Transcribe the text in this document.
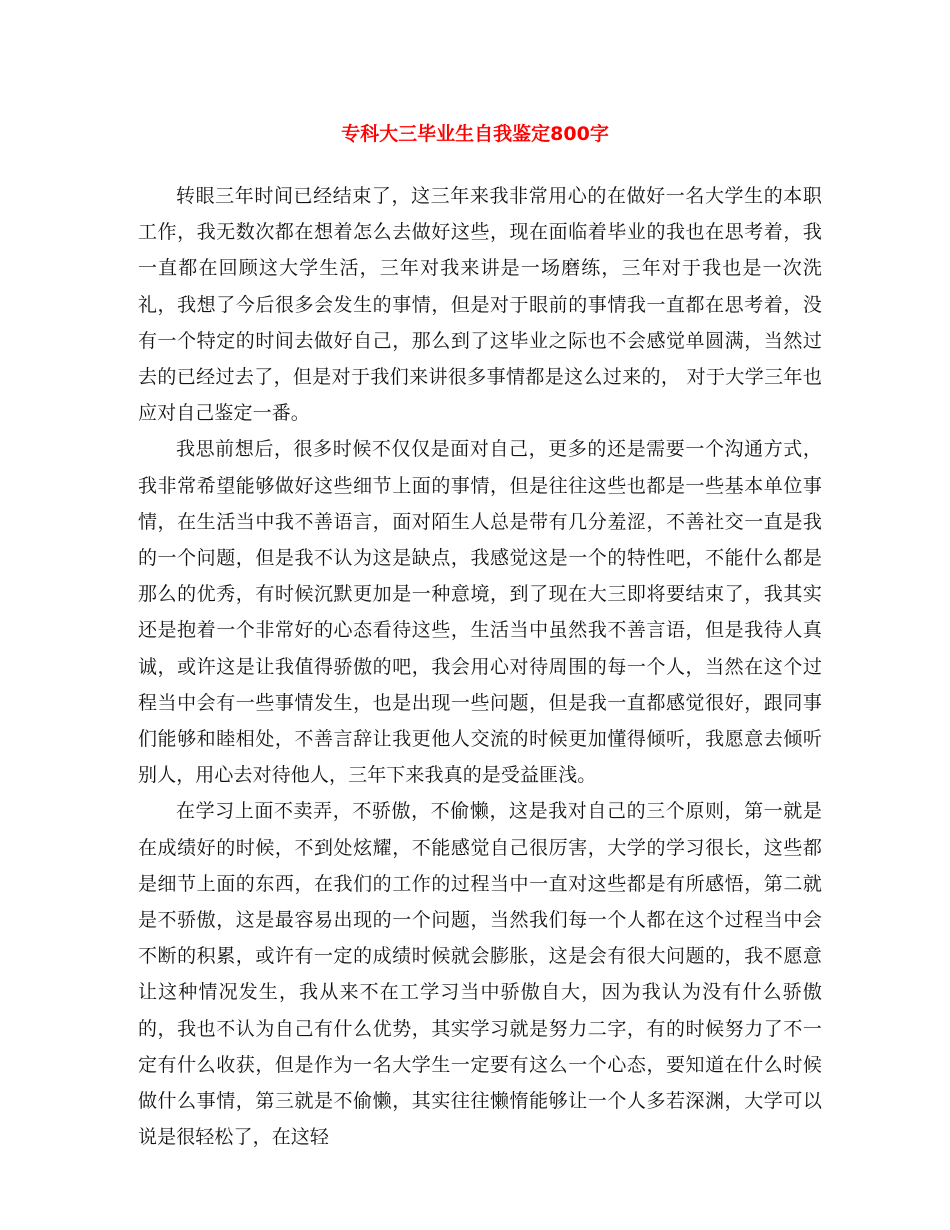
专科大三毕业生自我鉴定800字

转眼三年时间已经结束了，这三年来我非常用心的在做好一名大学生的本职工作，我无数次都在想着怎么去做好这些，现在面临着毕业的我也在思考着，我一直都在回顾这大学生活，三年对我来讲是一场磨练，三年对于我也是一次洗礼，我想了今后很多会发生的事情，但是对于眼前的事情我一直都在思考着，没有一个特定的时间去做好自己，那么到了这毕业之际也不会感觉单圆满，当然过去的已经过去了，但是对于我们来讲很多事情都是这么过来的， 对于大学三年也应对自己鉴定一番。

我思前想后，很多时候不仅仅是面对自己，更多的还是需要一个沟通方式，我非常希望能够做好这些细节上面的事情，但是往往这些也都是一些基本单位事情，在生活当中我不善语言，面对陌生人总是带有几分羞涩，不善社交一直是我的一个问题，但是我不认为这是缺点，我感觉这是一个的特性吧，不能什么都是那么的优秀，有时候沉默更加是一种意境，到了现在大三即将要结束了，我其实还是抱着一个非常好的心态看待这些，生活当中虽然我不善言语，但是我待人真诚，或许这是让我值得骄傲的吧，我会用心对待周围的每一个人，当然在这个过程当中会有一些事情发生，也是出现一些问题，但是我一直都感觉很好，跟同事们能够和睦相处，不善言辞让我更他人交流的时候更加懂得倾听，我愿意去倾听别人，用心去对待他人，三年下来我真的是受益匪浅。

在学习上面不卖弄，不骄傲，不偷懒，这是我对自己的三个原则，第一就是在成绩好的时候，不到处炫耀，不能感觉自己很厉害，大学的学习很长，这些都是细节上面的东西，在我们的工作的过程当中一直对这些都是有所感悟，第二就是不骄傲，这是最容易出现的一个问题，当然我们每一个人都在这个过程当中会不断的积累，或许有一定的成绩时候就会膨胀，这是会有很大问题的，我不愿意让这种情况发生，我从来不在工学习当中骄傲自大，因为我认为没有什么骄傲的，我也不认为自己有什么优势，其实学习就是努力二字，有的时候努力了不一定有什么收获，但是作为一名大学生一定要有这么一个心态，要知道在什么时候做什么事情，第三就是不偷懒，其实往往懒惰能够让一个人多若深渊，大学可以说是很轻松了，在这轻
